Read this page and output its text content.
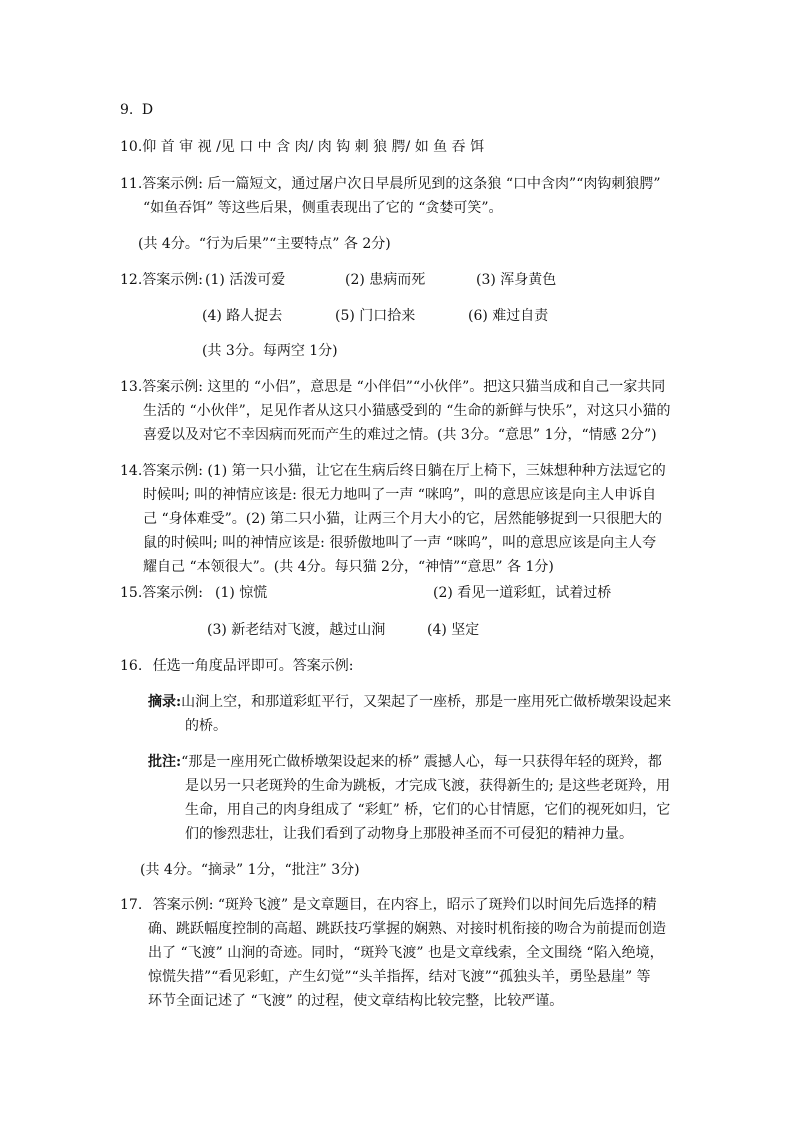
9. D
10.仰 首 审 视 /见 口 中 含 肉/ 肉 钩 刺 狼 腭/ 如 鱼 吞 饵
11.答案示例: 后一篇短文，通过屠户次日早晨所见到的这条狼 “口中含肉”“肉钩刺狼腭”
“如鱼吞饵” 等这些后果，侧重表现出了它的 “贪婪可笑”。
(共 4分。“行为后果”“主要特点” 各 2分)
12.答案示例: (1) 活泼可爱	(2) 患病而死	(3) 浑身黄色
(4) 路人捉去	(5) 门口拾来	(6) 难过自责
(共 3分。每两空 1分)
13.答案示例: 这里的 “小侣”，意思是 “小伴侣”“小伙伴”。把这只猫当成和自己一家共同
生活的 “小伙伴”，足见作者从这只小猫感受到的 “生命的新鲜与快乐”，对这只小猫的
喜爱以及对它不幸因病而死而产生的难过之情。(共 3分。“意思” 1分，“情感 2分”)
14.答案示例: (1) 第一只小猫，让它在生病后终日躺在厅上椅下，三妹想种种方法逗它的
时候叫; 叫的神情应该是: 很无力地叫了一声 “咪呜”，叫的意思应该是向主人申诉自
己 “身体难受”。(2) 第二只小猫，让两三个月大小的它，居然能够捉到一只很肥大的
鼠的时候叫; 叫的神情应该是: 很骄傲地叫了一声 “咪呜”，叫的意思应该是向主人夸
耀自己 “本领很大”。(共 4分。每只猫 2分，“神情”“意思” 各 1分)
15.答案示例: (1) 惊慌	(2) 看见一道彩虹，试着过桥
(3) 新老结对飞渡，越过山涧	(4) 坚定
16. 任选一角度品评即可。答案示例:
摘录:山涧上空，和那道彩虹平行，又架起了一座桥，那是一座用死亡做桥墩架设起来
的桥。
批注:“那是一座用死亡做桥墩架设起来的桥” 震撼人心，每一只获得年轻的斑羚，都
是以另一只老斑羚的生命为跳板，才完成飞渡，获得新生的; 是这些老斑羚，用
生命，用自己的肉身组成了 “彩虹” 桥，它们的心甘情愿，它们的视死如归，它
们的惨烈悲壮，让我们看到了动物身上那股神圣而不可侵犯的精神力量。
(共 4分。“摘录” 1分，“批注” 3分)
17. 答案示例: “斑羚飞渡” 是文章题目，在内容上，昭示了斑羚们以时间先后选择的精
确、跳跃幅度控制的高超、跳跃技巧掌握的娴熟、对接时机衔接的吻合为前提而创造
出了 “飞渡” 山涧的奇迹。同时，“斑羚飞渡” 也是文章线索，全文围绕 “陷入绝境，
惊慌失措”“看见彩虹，产生幻觉”“头羊指挥，结对飞渡”“孤独头羊，勇坠悬崖” 等
环节全面记述了 “飞渡” 的过程，使文章结构比较完整，比较严谨。
